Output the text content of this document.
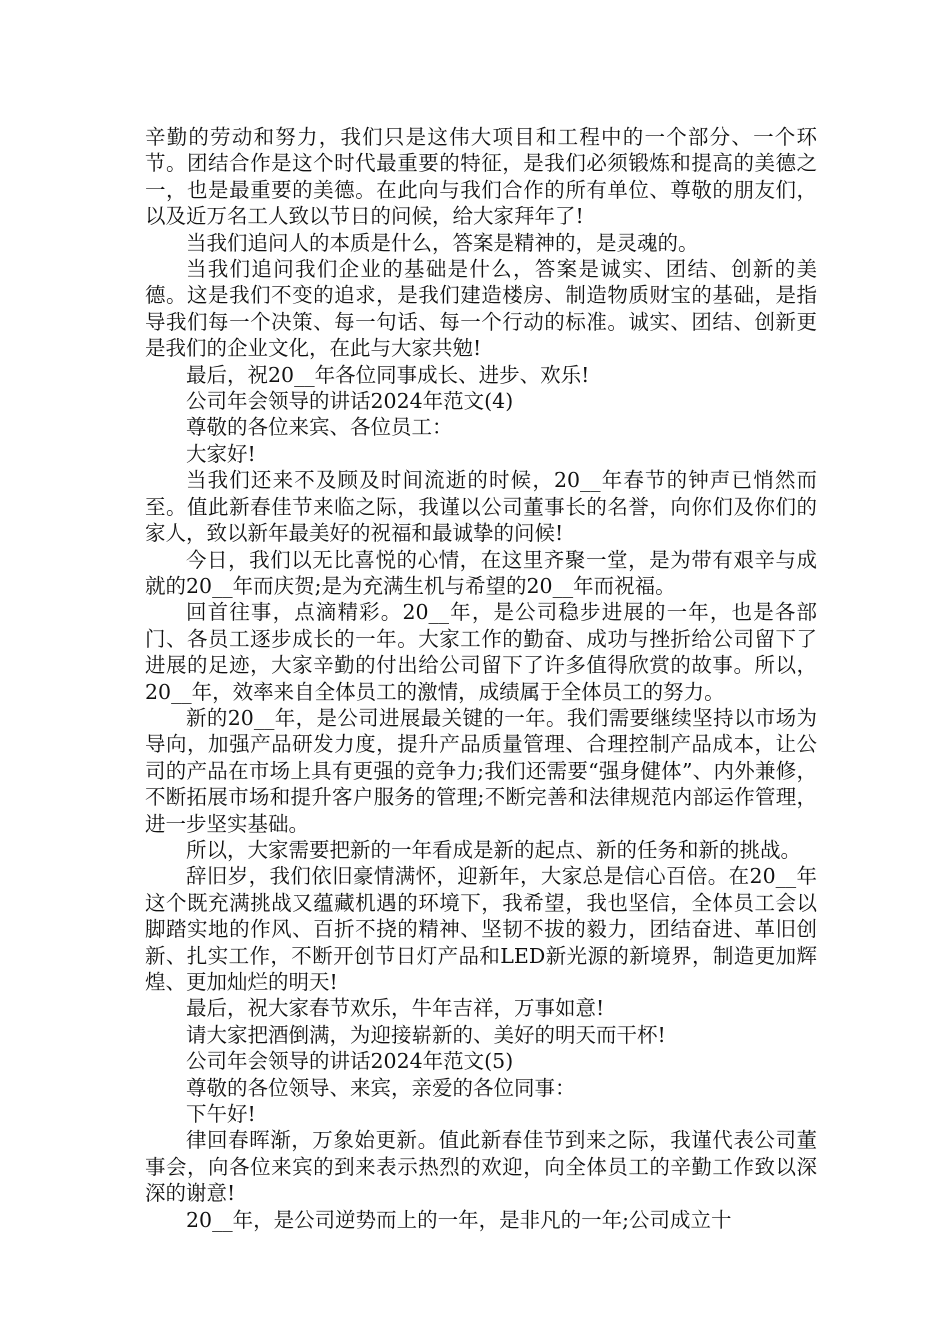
辛勤的劳动和努力，我们只是这伟大项目和工程中的一个部分、一个环节。团结合作是这个时代最重要的特征，是我们必须锻炼和提高的美德之一，也是最重要的美德。在此向与我们合作的所有单位、尊敬的朋友们，以及近万名工人致以节日的问候，给大家拜年了!

当我们追问人的本质是什么，答案是精神的，是灵魂的。

当我们追问我们企业的基础是什么，答案是诚实、团结、创新的美德。这是我们不变的追求，是我们建造楼房、制造物质财宝的基础，是指导我们每一个决策、每一句话、每一个行动的标准。诚实、团结、创新更是我们的企业文化，在此与大家共勉!

最后，祝20__年各位同事成长、进步、欢乐!

公司年会领导的讲话2024年范文(4)

尊敬的各位来宾、各位员工：

大家好!

当我们还来不及顾及时间流逝的时候，20__年春节的钟声已悄然而至。值此新春佳节来临之际，我谨以公司董事长的名誉，向你们及你们的家人，致以新年最美好的祝福和最诚挚的问候!

今日，我们以无比喜悦的心情，在这里齐聚一堂，是为带有艰辛与成就的20__年而庆贺;是为充满生机与希望的20__年而祝福。

回首往事，点滴精彩。20__年，是公司稳步进展的一年，也是各部门、各员工逐步成长的一年。大家工作的勤奋、成功与挫折给公司留下了进展的足迹，大家辛勤的付出给公司留下了许多值得欣赏的故事。所以，20__年，效率来自全体员工的激情，成绩属于全体员工的努力。

新的20__年，是公司进展最关键的一年。我们需要继续坚持以市场为导向，加强产品研发力度，提升产品质量管理、合理控制产品成本，让公司的产品在市场上具有更强的竞争力;我们还需要“强身健体”、内外兼修，不断拓展市场和提升客户服务的管理;不断完善和法律规范内部运作管理，进一步坚实基础。

所以，大家需要把新的一年看成是新的起点、新的任务和新的挑战。

辞旧岁，我们依旧豪情满怀，迎新年，大家总是信心百倍。在20__年这个既充满挑战又蕴藏机遇的环境下，我希望，我也坚信，全体员工会以脚踏实地的作风、百折不挠的精神、坚韧不拔的毅力，团结奋进、革旧创新、扎实工作，不断开创节日灯产品和LED新光源的新境界，制造更加辉煌、更加灿烂的明天!

最后，祝大家春节欢乐，牛年吉祥，万事如意!

请大家把酒倒满，为迎接崭新的、美好的明天而干杯!

公司年会领导的讲话2024年范文(5)

尊敬的各位领导、来宾，亲爱的各位同事：

下午好!

律回春晖渐，万象始更新。值此新春佳节到来之际，我谨代表公司董事会，向各位来宾的到来表示热烈的欢迎，向全体员工的辛勤工作致以深深的谢意!

20__年，是公司逆势而上的一年，是非凡的一年;公司成立十
